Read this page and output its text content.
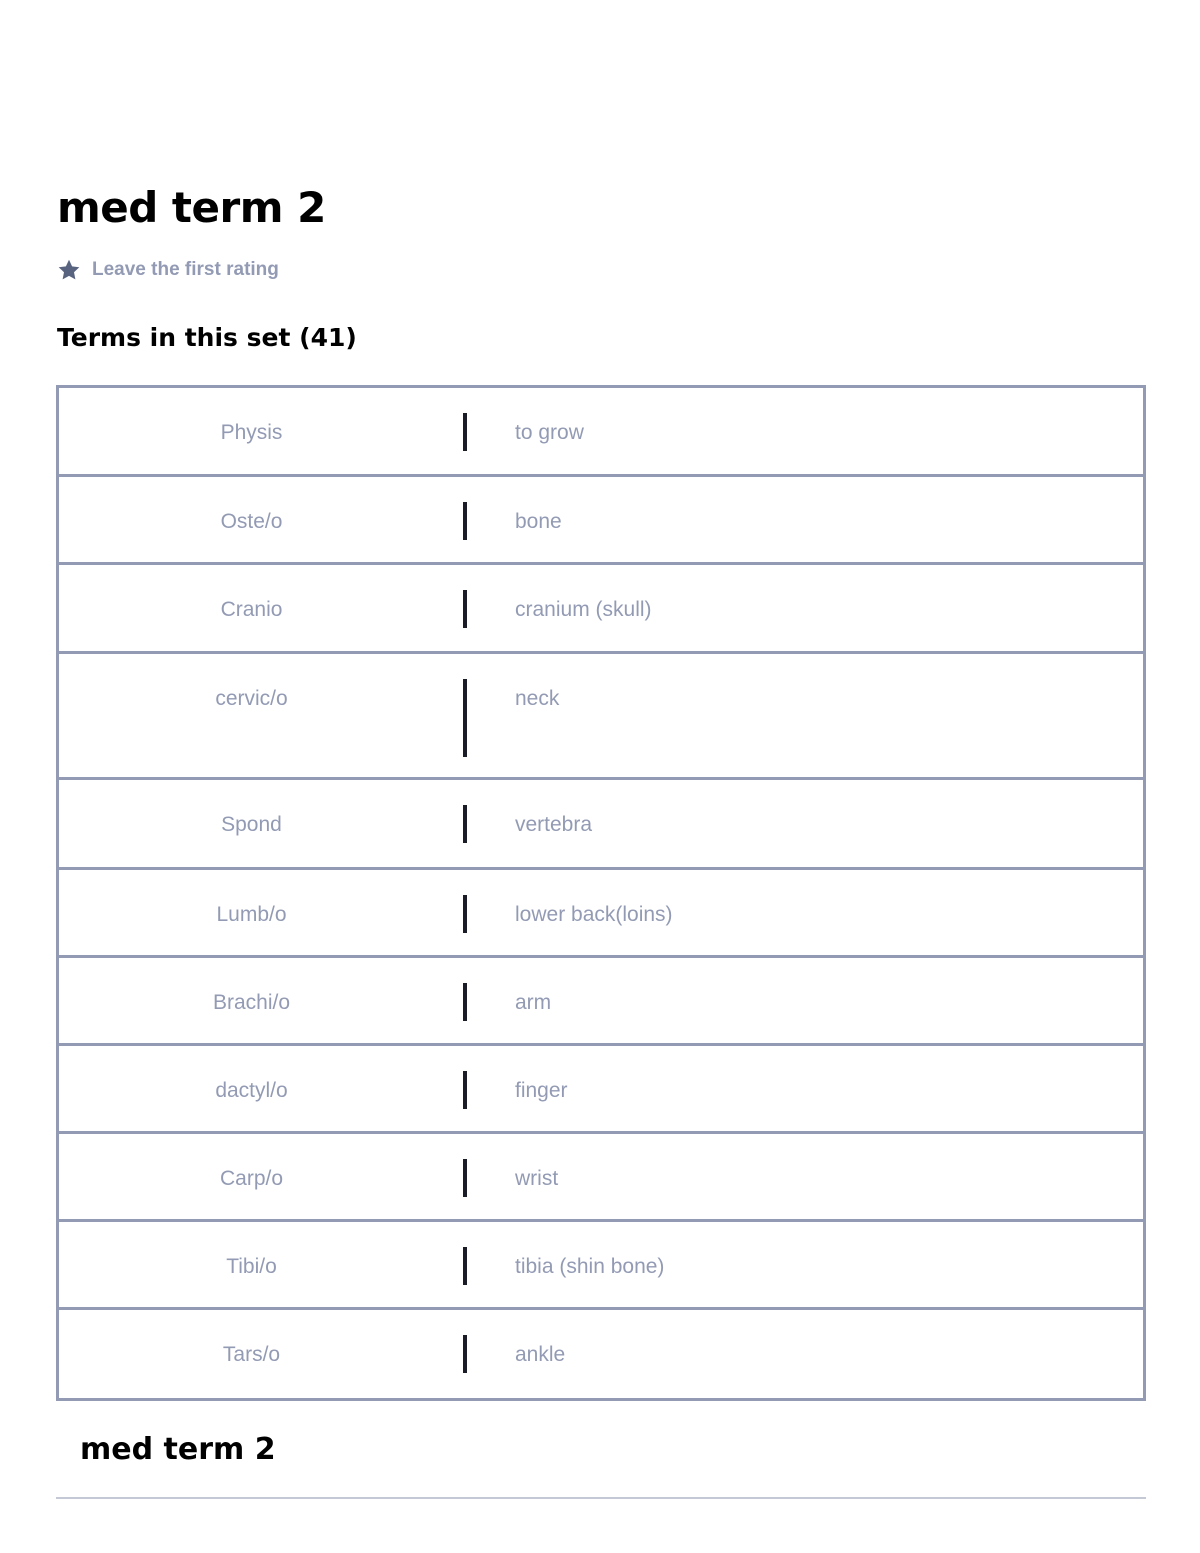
med term 2
Leave the first rating
Terms in this set ( 41 )
Physis	to grow
Oste/o	bone
Cranio	cranium (skull)
cervic/o	neck
Spond	vertebra
Lumb/o	lower back(loins)
Brachi/o	arm
dactyl/o	finger
Carp/o	wrist
Tibi/o	tibia (shin bone)
Tars/o	ankle
med term 2
